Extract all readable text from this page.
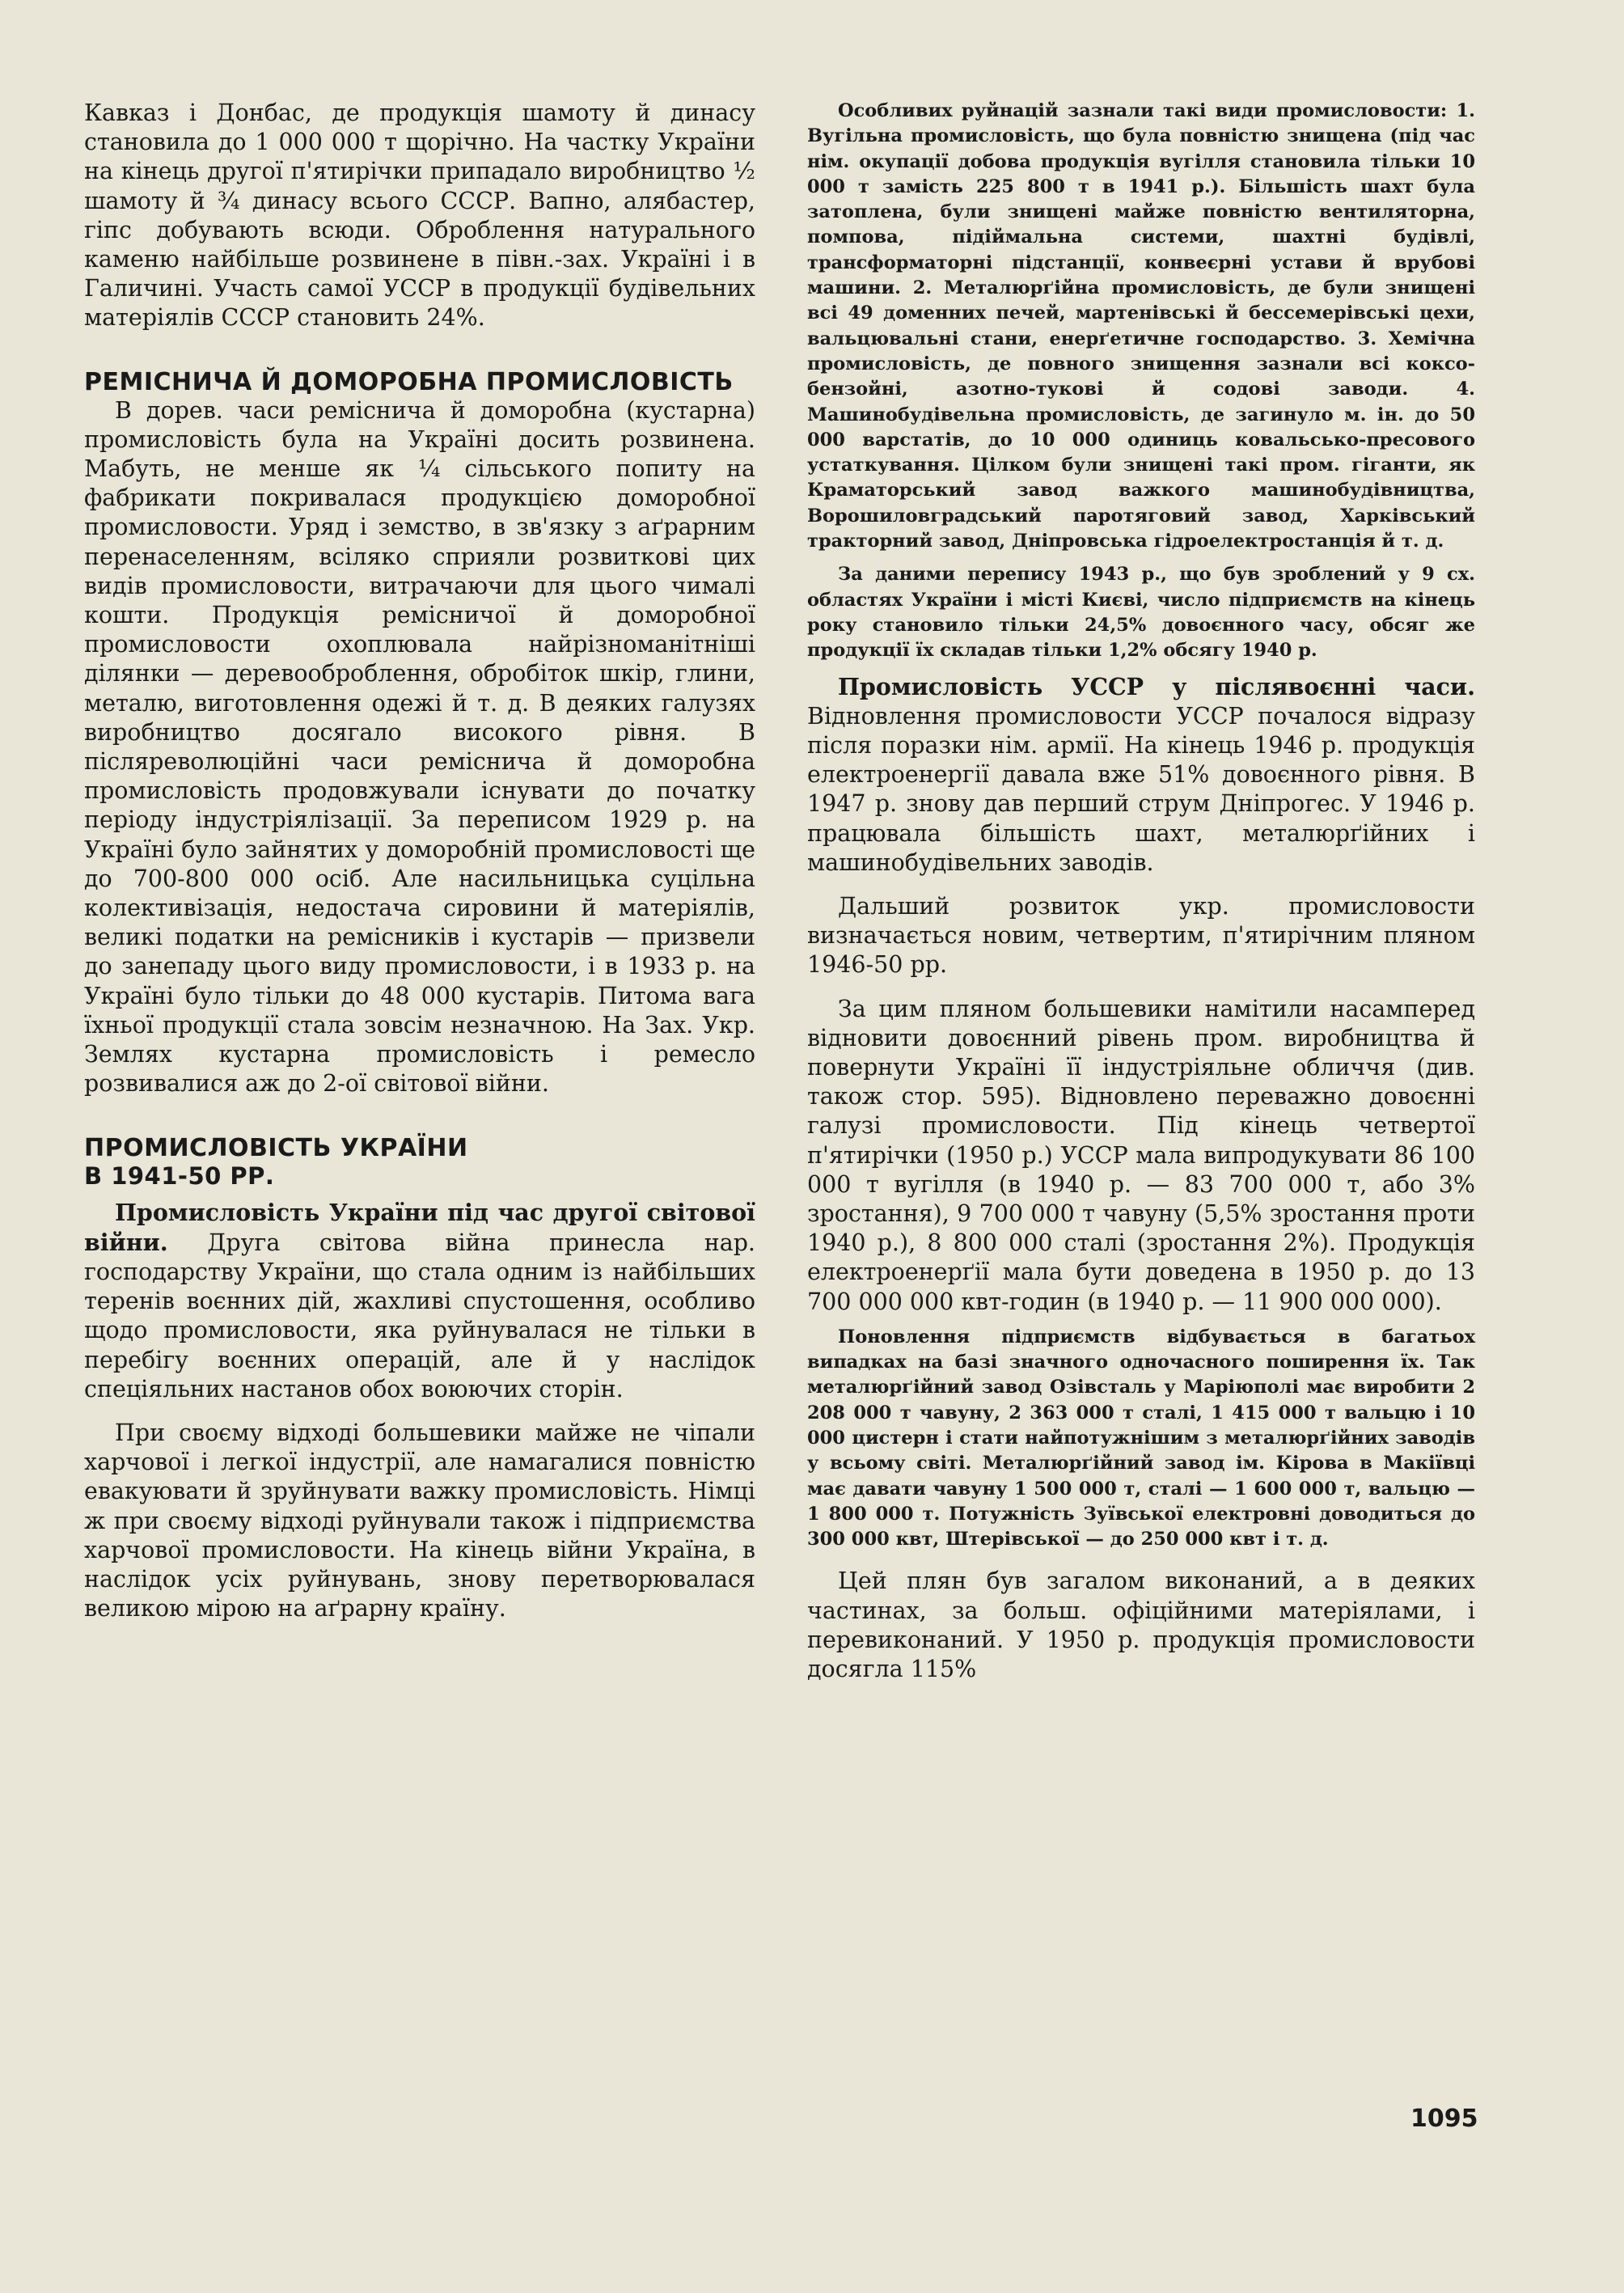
Кавказ і Донбас, де продукція шамоту й динасу становила до 1 000 000 т щорічно. На частку України на кінець другої п'ятирічки припадало виробництво ½ шамоту й ¾ динасу всього СССР. Вапно, алябастер, гіпс добувають всюди. Оброблення натурального каменю найбільше розвинене в півн.-зах. Україні і в Галичині. Участь самої УССР в продукції будівельних матеріялів СССР становить 24%.

РЕМІСНИЧА Й ДОМОРОБНА ПРОМИСЛОВІСТЬ

В дорев. часи ремісничa й доморобна (кустарна) промисловість була на Україні досить розвинена. Мабуть, не менше як ¼ сільського попиту на фабрикати покривалася продукцією доморобної промисловости. Уряд і земство, в зв'язку з аґрарним перенаселенням, всіляко сприяли розвиткові цих видів промисловости, витрачаючи для цього чималі кошти. Продукція ремісничої й доморобної промисловости охоплювала найрізноманітніші ділянки — деревооброблення, обробіток шкір, глини, металю, виготовлення одежі й т. д. В деяких галузях виробництво досягало високого рівня. В післяреволюційні часи ремісничa й доморобна промисловість продовжували існувати до початку періоду індустріялізації. За переписом 1929 р. на Україні було зайнятих у доморобній промисловості ще до 700-800 000 осіб. Але насильницька суцільна колективізація, недостача сировини й матеріялів, великі податки на ремісників і кустарів — призвели до занепаду цього виду промисловости, і в 1933 р. на Україні було тільки до 48 000 кустарів. Питома вага їхньої продукції стала зовсім незначною. На Зах. Укр. Землях кустарна промисловість і ремесло розвивалися аж до 2-ої світової війни.

ПРОМИСЛОВІСТЬ УКРАЇНИ
В 1941-50 РР.

Промисловість України під час другої світової війни. Друга світова війна принесла нар. господарству України, що стала одним із найбільших теренів воєнних дій, жахливі спустошення, особливо щодо промисловости, яка руйнувалася не тільки в перебігу воєнних операцій, але й у наслідок спеціяльних настанов обох воюючих сторін.

При своєму відході большевики майже не чіпали харчової і легкої індустрії, але намагалися повністю евакуювати й зруйнувати важку промисловість. Німці ж при своєму відході руйнували також і підприємства харчової промисловости. На кінець війни Україна, в наслідок усіх руйнувань, знову перетворювалася великою мірою на аґрарну країну.

Особливих руйнацій зазнали такі види промисловости: 1. Вугільна промисловість, що була повністю знищена (під час нім. окупації добова продукція вугілля становила тільки 10 000 т замість 225 800 т в 1941 р.). Більшість шахт була затоплена, були знищені майже повністю вентиляторна, помпова, підіймальна системи, шахтні будівлі, трансформаторні підстанції, конвеєрні устави й врубові машини. 2. Металюрґійна промисловість, де були знищені всі 49 доменних печей, мартенівські й бессемерівські цехи, вальцювальні стани, енерґетичне господарство. 3. Хемічна промисловість, де повного знищення зазнали всі коксо-бензойні, азотно-тукові й содові заводи. 4. Машинобудівельна промисловість, де загинуло м. ін. до 50 000 варстатів, до 10 000 одиниць ковальсько-пресового устаткування. Цілком були знищені такі пром. гіганти, як Краматорський завод важкого машинобудівництва, Ворошиловградський паротяговий завод, Харківський тракторний завод, Дніпровська гідроелектростанція й т. д.

За даними перепису 1943 р., що був зроблений у 9 сх. областях України і місті Києві, число підприємств на кінець року становило тільки 24,5% довоєнного часу, обсяг же продукції їх складав тільки 1,2% обсягу 1940 р.

Промисловість УССР у післявоєнні часи. Відновлення промисловости УССР почалося відразу після поразки нім. армії. На кінець 1946 р. продукція електроенергії давала вже 51% довоєнного рівня. В 1947 р. знову дав перший струм Дніпрогес. У 1946 р. працювала більшість шахт, металюрґійних і машинобудівельних заводів.

Дальший розвиток укр. промисловости визначається новим, четвертим, п'ятирічним пляном 1946-50 рр.

За цим пляном большевики намітили насамперед відновити довоєнний рівень пром. виробництва й повернути Україні її індустріяльне обличчя (див. також стор. 595). Відновлено переважно довоєнні галузі промисловости. Під кінець четвертої п'ятирічки (1950 р.) УССР мала випродукувати 86 100 000 т вугілля (в 1940 р. — 83 700 000 т, або 3% зростання), 9 700 000 т чавуну (5,5% зростання проти 1940 р.), 8 800 000 сталі (зростання 2%). Продукція електроенерґії мала бути доведена в 1950 р. до 13 700 000 000 квт-годин (в 1940 р. — 11 900 000 000).

Поновлення підприємств відбувається в багатьох випадках на базі значного одночасного поширення їх. Так металюрґійний завод Озівсталь у Маріюполі має виробити 2 208 000 т чавуну, 2 363 000 т сталі, 1 415 000 т вальцю і 10 000 цистерн і стати найпотужнішим з металюрґійних заводів у всьому світі. Металюрґійний завод ім. Кірова в Макіївці має давати чавуну 1 500 000 т, сталі — 1 600 000 т, вальцю — 1 800 000 т. Потужність Зуївської електровні доводиться до 300 000 квт, Штерівської — до 250 000 квт і т. д.

Цей плян був загалом виконаний, а в деяких частинах, за больш. офіційними матеріялами, і перевиконаний. У 1950 р. продукція промисловости досягла 115%

1095
